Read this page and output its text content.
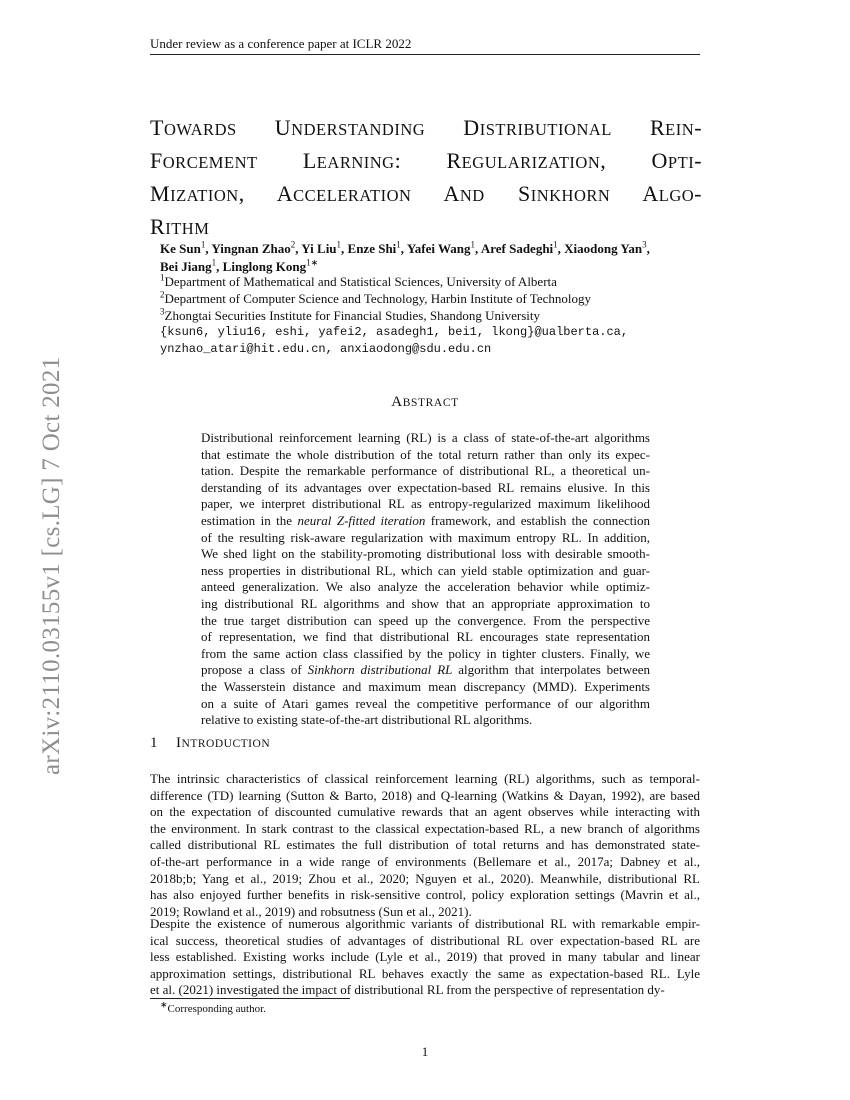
Under review as a conference paper at ICLR 2022
arXiv:2110.03155v1 [cs.LG] 7 Oct 2021
TOWARDS UNDERSTANDING DISTRIBUTIONAL REIN-
FORCEMENT LEARNING: REGULARIZATION, OPTI-
MIZATION, ACCELERATION AND SINKHORN ALGO-
RITHM
Ke Sun$^1$, Yingnan Zhao$^2$, Yi Liu$^1$, Enze Shi$^1$, Yafei Wang$^1$, Aref Sadeghi$^1$, Xiaodong Yan$^3$,
Bei Jiang$^1$, Linglong Kong$^{1∗}$
$^1$Department of Mathematical and Statistical Sciences, University of Alberta
$^2$Department of Computer Science and Technology, Harbin Institute of Technology
$^3$Zhongtai Securities Institute for Financial Studies, Shandong University
{ksun6, yliu16, eshi, yafei2, asadegh1, bei1, lkong}@ualberta.ca,
ynzhao_atari@hit.edu.cn, anxiaodong@sdu.edu.cn
ABSTRACT
Distributional reinforcement learning (RL) is a class of state-of-the-art algorithms
that estimate the whole distribution of the total return rather than only its expec-
tation. Despite the remarkable performance of distributional RL, a theoretical un-
derstanding of its advantages over expectation-based RL remains elusive. In this
paper, we interpret distributional RL as entropy-regularized maximum likelihood
estimation in the neural Z-fitted iteration framework, and establish the connection
of the resulting risk-aware regularization with maximum entropy RL. In addition,
We shed light on the stability-promoting distributional loss with desirable smooth-
ness properties in distributional RL, which can yield stable optimization and guar-
anteed generalization. We also analyze the acceleration behavior while optimiz-
ing distributional RL algorithms and show that an appropriate approximation to
the true target distribution can speed up the convergence. From the perspective
of representation, we find that distributional RL encourages state representation
from the same action class classified by the policy in tighter clusters. Finally, we
propose a class of Sinkhorn distributional RL algorithm that interpolates between
the Wasserstein distance and maximum mean discrepancy (MMD). Experiments
on a suite of Atari games reveal the competitive performance of our algorithm
relative to existing state-of-the-art distributional RL algorithms.
1 INTRODUCTION
The intrinsic characteristics of classical reinforcement learning (RL) algorithms, such as temporal-
difference (TD) learning (Sutton & Barto, 2018) and Q-learning (Watkins & Dayan, 1992), are based
on the expectation of discounted cumulative rewards that an agent observes while interacting with
the environment. In stark contrast to the classical expectation-based RL, a new branch of algorithms
called distributional RL estimates the full distribution of total returns and has demonstrated state-
of-the-art performance in a wide range of environments (Bellemare et al., 2017a; Dabney et al.,
2018b;b; Yang et al., 2019; Zhou et al., 2020; Nguyen et al., 2020). Meanwhile, distributional RL
has also enjoyed further benefits in risk-sensitive control, policy exploration settings (Mavrin et al.,
2019; Rowland et al., 2019) and robsutness (Sun et al., 2021).
Despite the existence of numerous algorithmic variants of distributional RL with remarkable empir-
ical success, theoretical studies of advantages of distributional RL over expectation-based RL are
less established. Existing works include (Lyle et al., 2019) that proved in many tabular and linear
approximation settings, distributional RL behaves exactly the same as expectation-based RL. Lyle
et al. (2021) investigated the impact of distributional RL from the perspective of representation dy-
∗Corresponding author.
1
